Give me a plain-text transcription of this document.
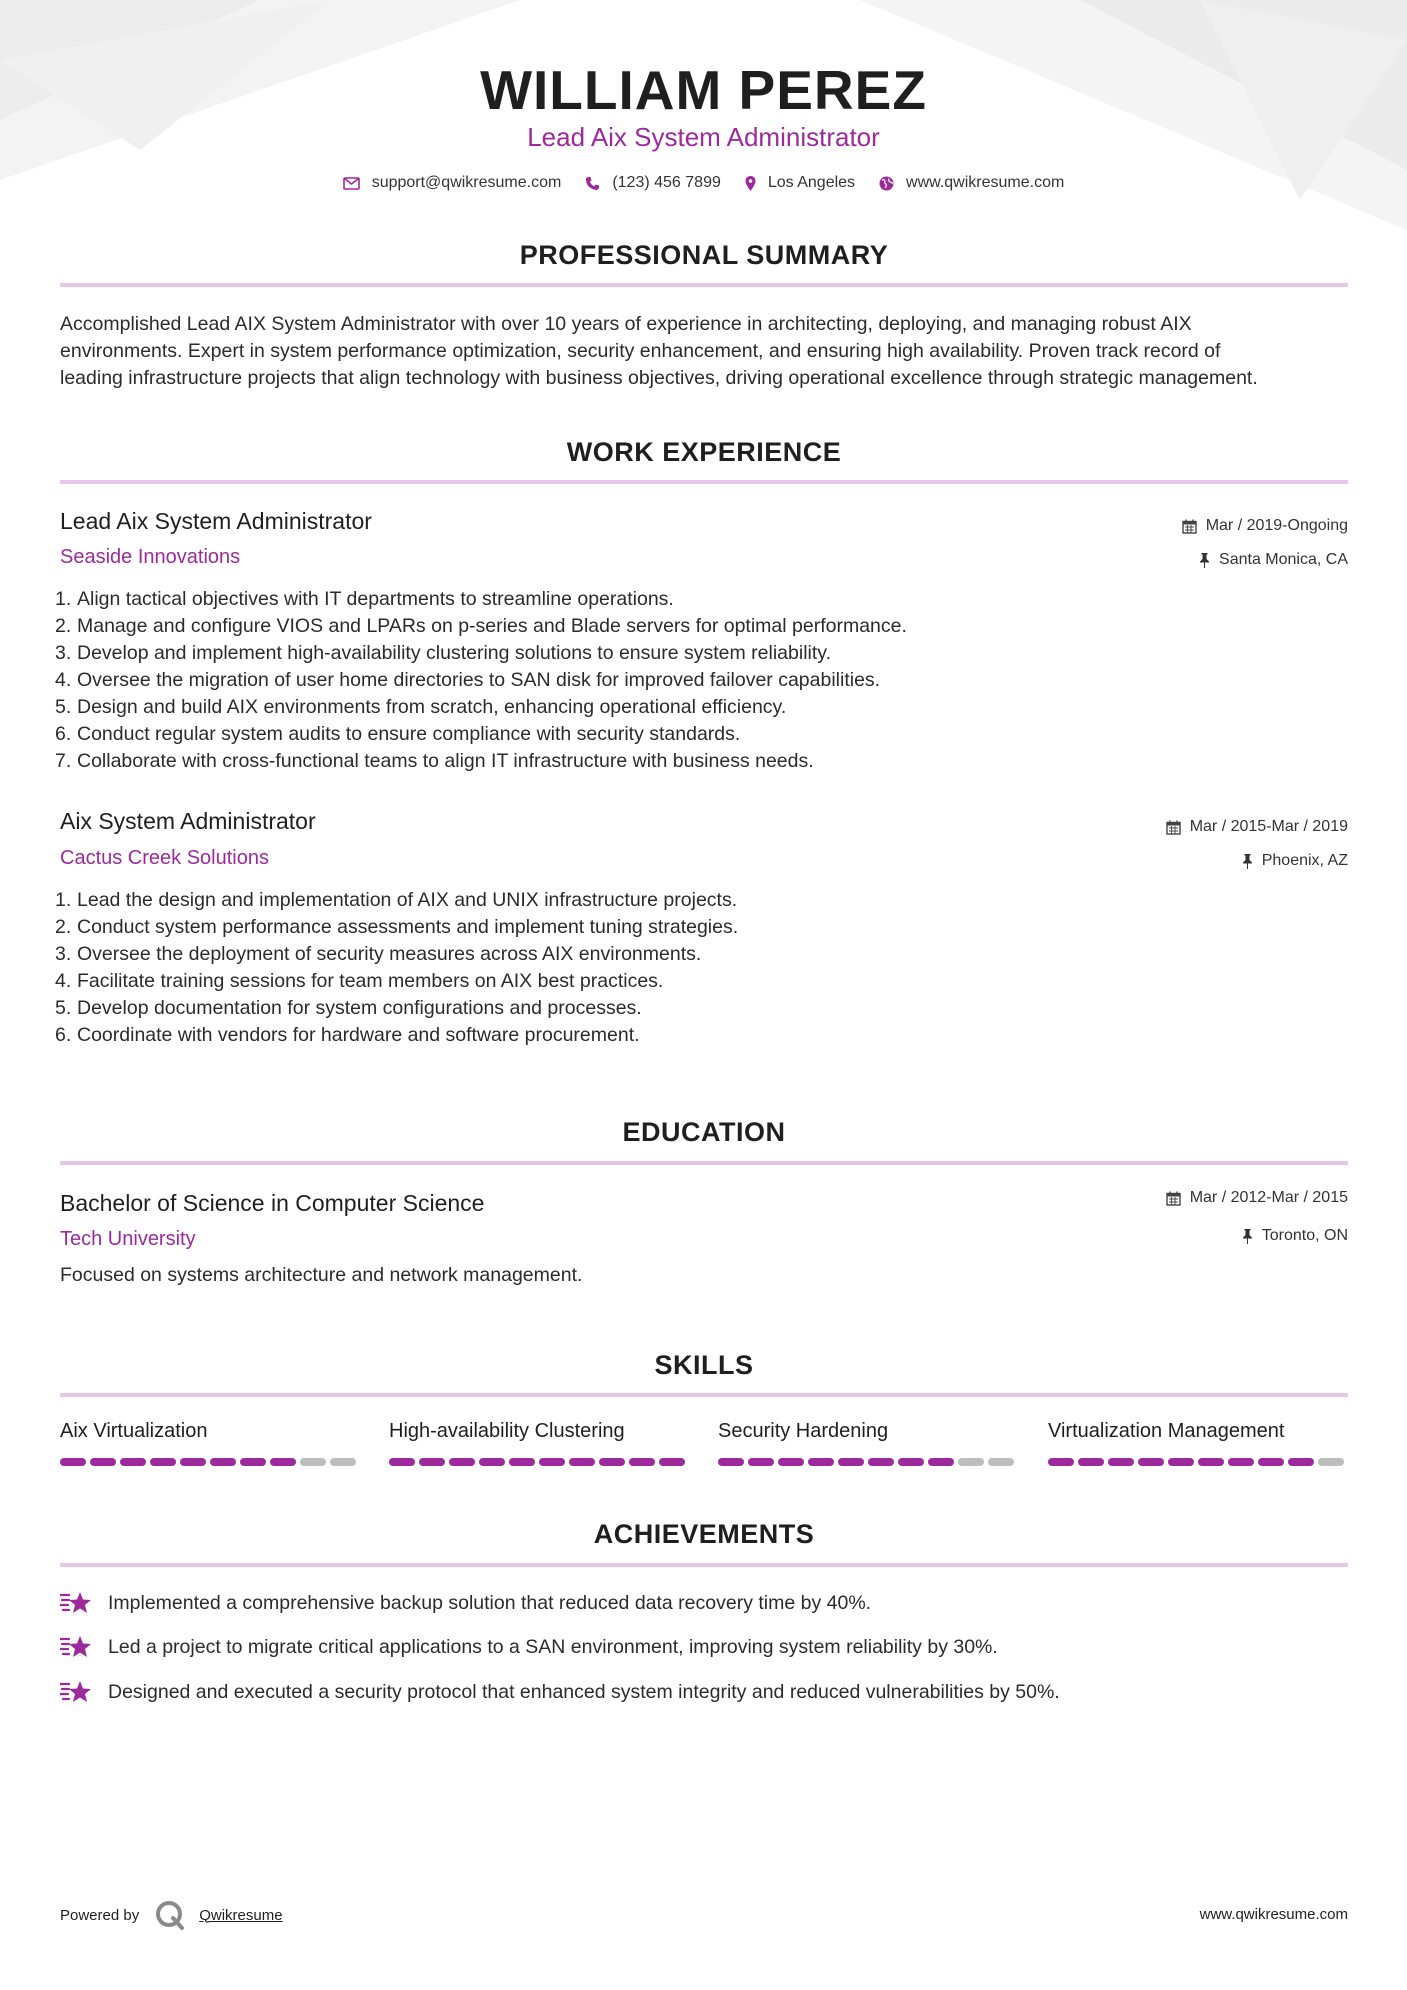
WILLIAM PEREZ
Lead Aix System Administrator
support@qwikresume.com	(123) 456 7899	Los Angeles	www.qwikresume.com
PROFESSIONAL SUMMARY
Accomplished Lead AIX System Administrator with over 10 years of experience in architecting, deploying, and managing robust AIX
environments. Expert in system performance optimization, security enhancement, and ensuring high availability. Proven track record of
leading infrastructure projects that align technology with business objectives, driving operational excellence through strategic management.
WORK EXPERIENCE
Lead Aix System Administrator
Seaside Innovations
Mar / 2019-Ongoing
Santa Monica, CA
1. Align tactical objectives with IT departments to streamline operations.
2. Manage and configure VIOS and LPARs on p-series and Blade servers for optimal performance.
3. Develop and implement high-availability clustering solutions to ensure system reliability.
4. Oversee the migration of user home directories to SAN disk for improved failover capabilities.
5. Design and build AIX environments from scratch, enhancing operational efficiency.
6. Conduct regular system audits to ensure compliance with security standards.
7. Collaborate with cross-functional teams to align IT infrastructure with business needs.
Aix System Administrator
Cactus Creek Solutions
Mar / 2015-Mar / 2019
Phoenix, AZ
1. Lead the design and implementation of AIX and UNIX infrastructure projects.
2. Conduct system performance assessments and implement tuning strategies.
3. Oversee the deployment of security measures across AIX environments.
4. Facilitate training sessions for team members on AIX best practices.
5. Develop documentation for system configurations and processes.
6. Coordinate with vendors for hardware and software procurement.
EDUCATION
Bachelor of Science in Computer Science
Tech University
Mar / 2012-Mar / 2015
Toronto, ON
Focused on systems architecture and network management.
SKILLS
Aix Virtualization	High-availability Clustering	Security Hardening	Virtualization Management
ACHIEVEMENTS
Implemented a comprehensive backup solution that reduced data recovery time by 40%.
Led a project to migrate critical applications to a SAN environment, improving system reliability by 30%.
Designed and executed a security protocol that enhanced system integrity and reduced vulnerabilities by 50%.
Powered by	Qwikresume	www.qwikresume.com
